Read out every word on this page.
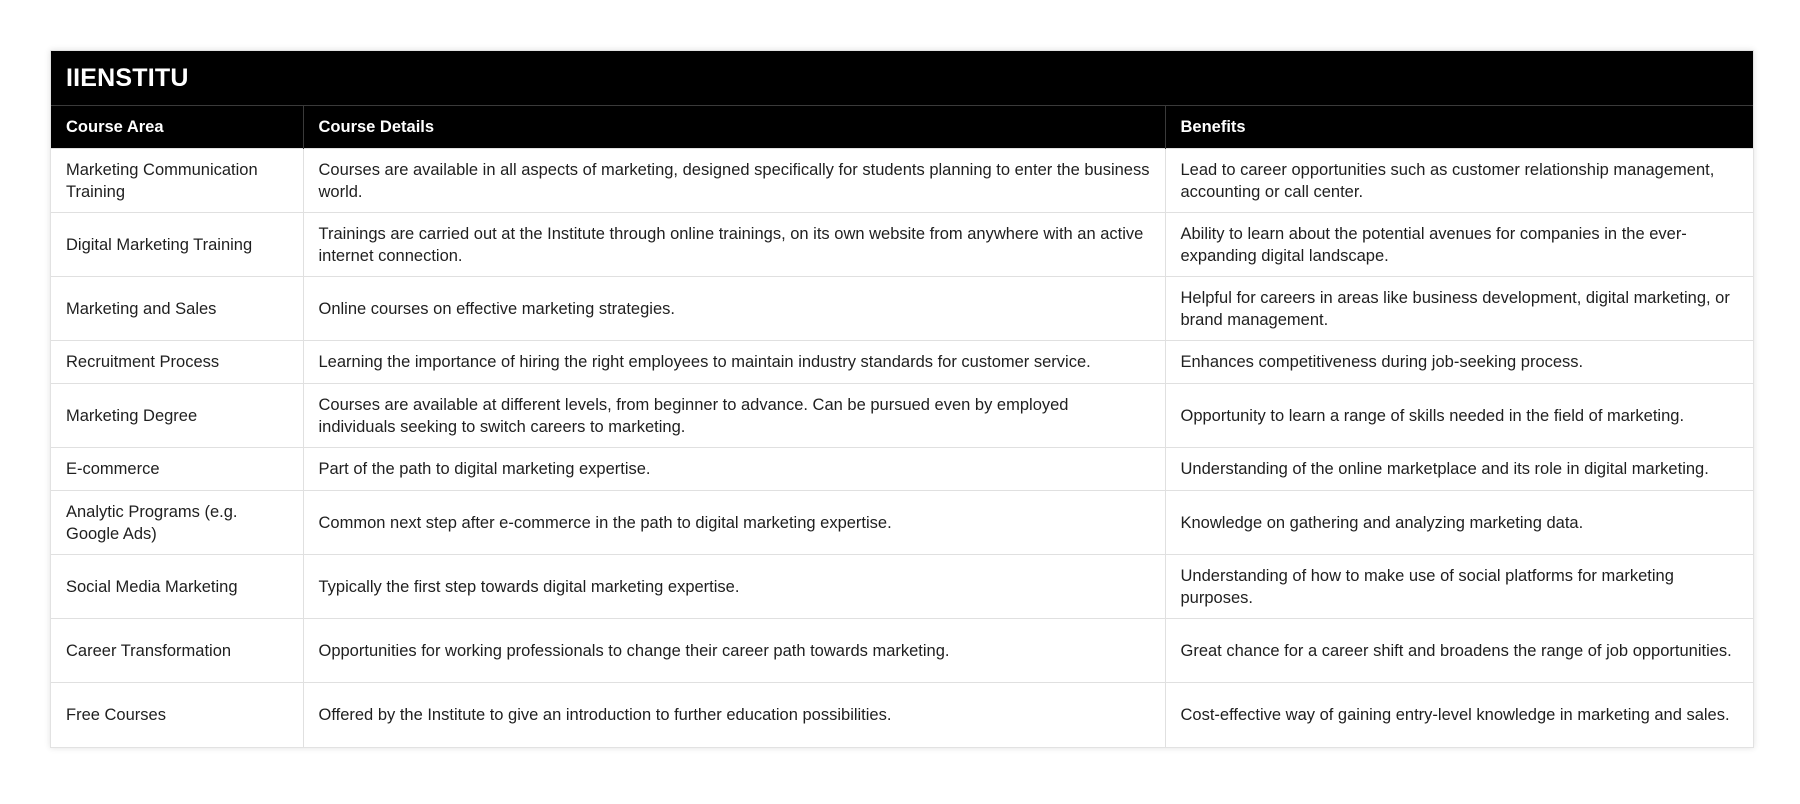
IIENSTITU		
Course Area	Course Details	Benefits
Marketing Communication Training	Courses are available in all aspects of marketing, designed specifically for students planning to enter the business world.	Lead to career opportunities such as customer relationship management, accounting or call center.
Digital Marketing Training	Trainings are carried out at the Institute through online trainings, on its own website from anywhere with an active internet connection.	Ability to learn about the potential avenues for companies in the ever-expanding digital landscape.
Marketing and Sales	Online courses on effective marketing strategies.	Helpful for careers in areas like business development, digital marketing, or brand management.
Recruitment Process	Learning the importance of hiring the right employees to maintain industry standards for customer service.	Enhances competitiveness during job-seeking process.
Marketing Degree	Courses are available at different levels, from beginner to advance. Can be pursued even by employed individuals seeking to switch careers to marketing.	Opportunity to learn a range of skills needed in the field of marketing.
E-commerce	Part of the path to digital marketing expertise.	Understanding of the online marketplace and its role in digital marketing.
Analytic Programs (e.g. Google Ads)	Common next step after e-commerce in the path to digital marketing expertise.	Knowledge on gathering and analyzing marketing data.
Social Media Marketing	Typically the first step towards digital marketing expertise.	Understanding of how to make use of social platforms for marketing purposes.
Career Transformation	Opportunities for working professionals to change their career path towards marketing.	Great chance for a career shift and broadens the range of job opportunities.
Free Courses	Offered by the Institute to give an introduction to further education possibilities.	Cost-effective way of gaining entry-level knowledge in marketing and sales.
